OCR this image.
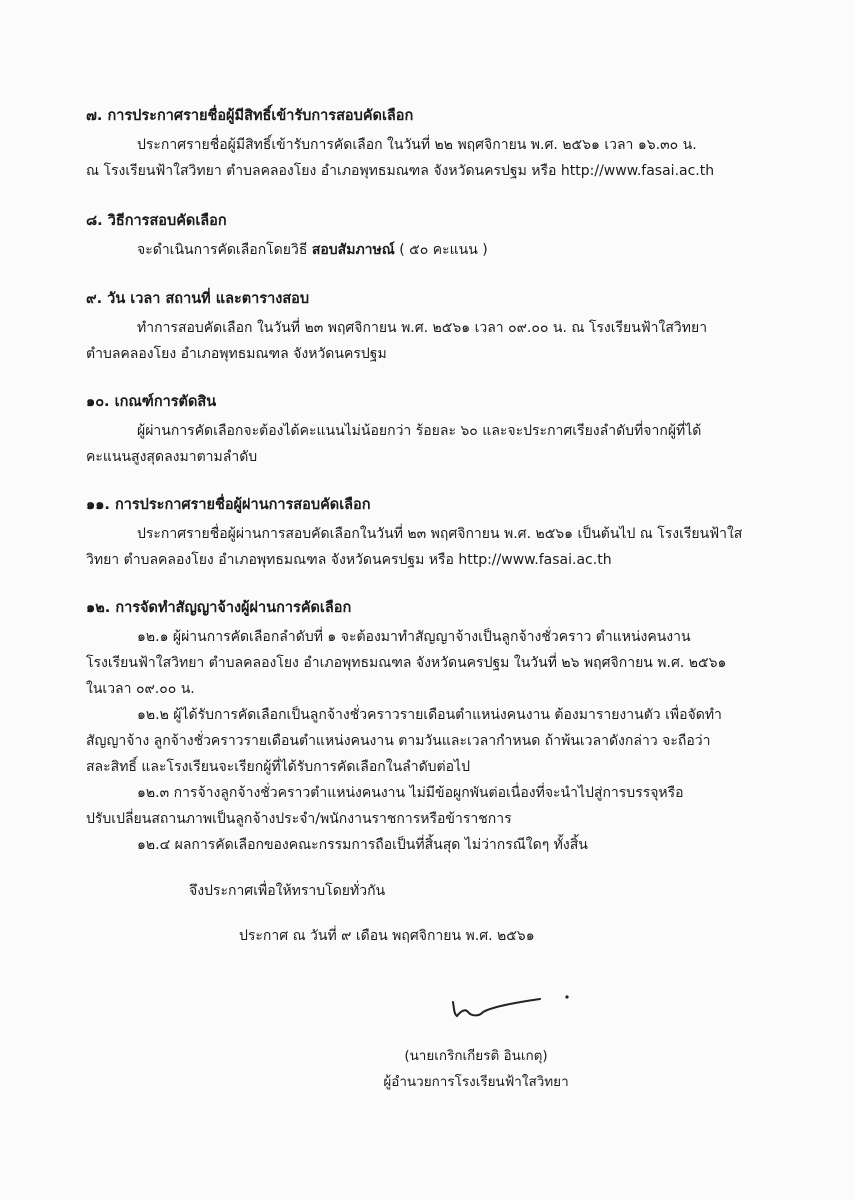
๗. การประกาศรายชื่อผู้มีสิทธิ์เข้ารับการสอบคัดเลือก
ประกาศรายชื่อผู้มีสิทธิ์เข้ารับการคัดเลือก ในวันที่ ๒๒ พฤศจิกายน พ.ศ. ๒๕๖๑ เวลา ๑๖.๓๐ น.
ณ โรงเรียนฟ้าใสวิทยา ตำบลคลองโยง อำเภอพุทธมณฑล จังหวัดนครปฐม หรือ http://www.fasai.ac.th
๘. วิธีการสอบคัดเลือก
จะดำเนินการคัดเลือกโดยวิธี สอบสัมภาษณ์ ( ๕๐ คะแนน )
๙. วัน เวลา สถานที่ และตารางสอบ
ทำการสอบคัดเลือก ในวันที่ ๒๓ พฤศจิกายน พ.ศ. ๒๕๖๑ เวลา ๐๙.๐๐ น. ณ โรงเรียนฟ้าใสวิทยา
ตำบลคลองโยง อำเภอพุทธมณฑล จังหวัดนครปฐม
๑๐. เกณฑ์การตัดสิน
ผู้ผ่านการคัดเลือกจะต้องได้คะแนนไม่น้อยกว่า ร้อยละ ๖๐ และจะประกาศเรียงลำดับที่จากผู้ที่ได้
คะแนนสูงสุดลงมาตามลำดับ
๑๑. การประกาศรายชื่อผู้ผ่านการสอบคัดเลือก
ประกาศรายชื่อผู้ผ่านการสอบคัดเลือกในวันที่ ๒๓ พฤศจิกายน พ.ศ. ๒๕๖๑ เป็นต้นไป ณ โรงเรียนฟ้าใส
วิทยา ตำบลคลองโยง อำเภอพุทธมณฑล จังหวัดนครปฐม หรือ http://www.fasai.ac.th
๑๒. การจัดทำสัญญาจ้างผู้ผ่านการคัดเลือก
๑๒.๑ ผู้ผ่านการคัดเลือกลำดับที่ ๑ จะต้องมาทำสัญญาจ้างเป็นลูกจ้างชั่วคราว ตำแหน่งคนงาน
โรงเรียนฟ้าใสวิทยา ตำบลคลองโยง อำเภอพุทธมณฑล จังหวัดนครปฐม ในวันที่ ๒๖ พฤศจิกายน พ.ศ. ๒๕๖๑
ในเวลา ๐๙.๐๐ น.
๑๒.๒ ผู้ได้รับการคัดเลือกเป็นลูกจ้างชั่วคราวรายเดือนตำแหน่งคนงาน ต้องมารายงานตัว เพื่อจัดทำ
สัญญาจ้าง ลูกจ้างชั่วคราวรายเดือนตำแหน่งคนงาน ตามวันและเวลากำหนด ถ้าพ้นเวลาดังกล่าว จะถือว่า
สละสิทธิ์ และโรงเรียนจะเรียกผู้ที่ได้รับการคัดเลือกในลำดับต่อไป
๑๒.๓ การจ้างลูกจ้างชั่วคราวตำแหน่งคนงาน ไม่มีข้อผูกพันต่อเนื่องที่จะนำไปสู่การบรรจุหรือ
ปรับเปลี่ยนสถานภาพเป็นลูกจ้างประจำ/พนักงานราชการหรือข้าราชการ
๑๒.๔ ผลการคัดเลือกของคณะกรรมการถือเป็นที่สิ้นสุด ไม่ว่ากรณีใดๆ ทั้งสิ้น
จึงประกาศเพื่อให้ทราบโดยทั่วกัน
ประกาศ ณ วันที่ ๙ เดือน พฤศจิกายน พ.ศ. ๒๕๖๑
(นายเกริกเกียรติ อินเกตุ)
ผู้อำนวยการโรงเรียนฟ้าใสวิทยา
